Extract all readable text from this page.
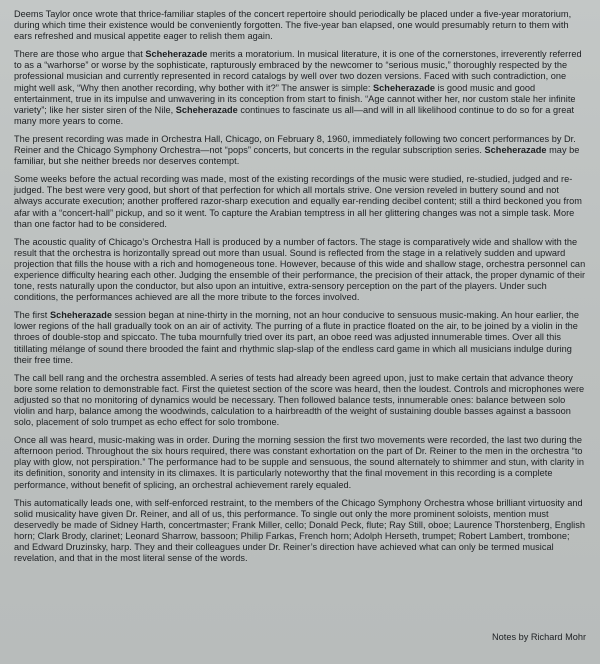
Deems Taylor once wrote that thrice-familiar staples of the concert repertoire should periodically be placed under a five-year moratorium, during which time their existence would be conveniently forgotten. The five-year ban elapsed, one would presumably return to them with ears refreshed and musical appetite eager to relish them again.

There are those who argue that Scheherazade merits a moratorium. In musical literature, it is one of the cornerstones, irreverently referred to as a “warhorse” or worse by the sophisticate, rapturously embraced by the newcomer to “serious music,” thoroughly respected by the professional musician and currently represented in record catalogs by well over two dozen versions. Faced with such contradiction, one might well ask, “Why then another recording, why bother with it?” The answer is simple: Scheherazade is good music and good entertainment, true in its impulse and unwavering in its conception from start to finish. “Age cannot wither her, nor custom stale her infinite variety”; like her sister siren of the Nile, Scheherazade continues to fascinate us all—and will in all likelihood continue to do so for a great many more years to come.

The present recording was made in Orchestra Hall, Chicago, on February 8, 1960, immediately following two concert performances by Dr. Reiner and the Chicago Symphony Orchestra—not “pops” concerts, but concerts in the regular subscription series. Scheherazade may be familiar, but she neither breeds nor deserves contempt.

Some weeks before the actual recording was made, most of the existing recordings of the music were studied, re-studied, judged and re-judged. The best were very good, but short of that perfection for which all mortals strive. One version reveled in buttery sound and not always accurate execution; another proffered razor-sharp execution and equally ear-rending decibel content; still a third beckoned you from afar with a “concert-hall” pickup, and so it went. To capture the Arabian temptress in all her glittering changes was not a simple task. More than one factor had to be considered.

The acoustic quality of Chicago’s Orchestra Hall is produced by a number of factors. The stage is comparatively wide and shallow with the result that the orchestra is horizontally spread out more than usual. Sound is reflected from the stage in a relatively sudden and upward projection that fills the house with a rich and homogeneous tone. However, because of this wide and shallow stage, orchestra personnel can experience difficulty hearing each other. Judging the ensemble of their performance, the precision of their attack, the proper dynamic of their tone, rests naturally upon the conductor, but also upon an intuitive, extra-sensory perception on the part of the players. Under such conditions, the performances achieved are all the more tribute to the forces involved.

The first Scheherazade session began at nine-thirty in the morning, not an hour conducive to sensuous music-making. An hour earlier, the lower regions of the hall gradually took on an air of activity. The purring of a flute in practice floated on the air, to be joined by a violin in the throes of double-stop and spiccato. The tuba mournfully tried over its part, an oboe reed was adjusted innumerable times. Over all this titillating mélange of sound there brooded the faint and rhythmic slap-slap of the endless card game in which all musicians indulge during their free time.

The call bell rang and the orchestra assembled. A series of tests had already been agreed upon, just to make certain that advance theory bore some relation to demonstrable fact. First the quietest section of the score was heard, then the loudest. Controls and microphones were adjusted so that no monitoring of dynamics would be necessary. Then followed balance tests, innumerable ones: balance between solo violin and harp, balance among the woodwinds, calculation to a hairbreadth of the weight of sustaining double basses against a bassoon solo, placement of solo trumpet as echo effect for solo trombone.

Once all was heard, music-making was in order. During the morning session the first two movements were recorded, the last two during the afternoon period. Throughout the six hours required, there was constant exhortation on the part of Dr. Reiner to the men in the orchestra “to play with glow, not perspiration.” The performance had to be supple and sensuous, the sound alternately to shimmer and stun, with clarity in its definition, sonority and intensity in its climaxes. It is particularly noteworthy that the final movement in this recording is a complete performance, without benefit of splicing, an orchestral achievement rarely equaled.

This automatically leads one, with self-enforced restraint, to the members of the Chicago Symphony Orchestra whose brilliant virtuosity and solid musicality have given Dr. Reiner, and all of us, this performance. To single out only the more prominent soloists, mention must deservedly be made of Sidney Harth, concertmaster; Frank Miller, cello; Donald Peck, flute; Ray Still, oboe; Laurence Thorstenberg, English horn; Clark Brody, clarinet; Leonard Sharrow, bassoon; Philip Farkas, French horn; Adolph Herseth, trumpet; Robert Lambert, trombone; and Edward Druzinsky, harp. They and their colleagues under Dr. Reiner’s direction have achieved what can only be termed musical revelation, and that in the most literal sense of the words.

Notes by Richard Mohr
